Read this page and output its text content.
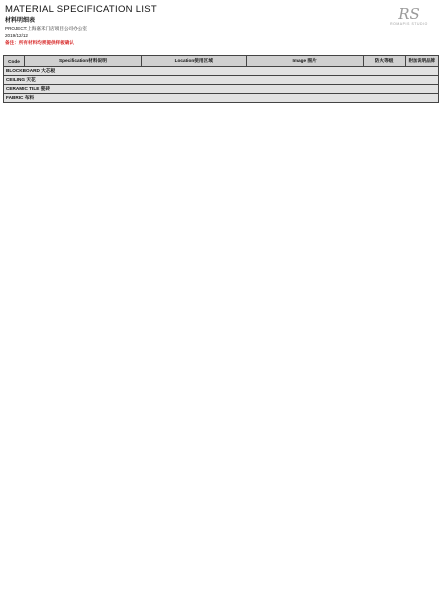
MATERIAL SPECIFICATION LIST
材料明细表
PROJECT:上海嘉禾门店项目公司办公室
2019/12/12
备注：所有材料均须提供样板确认
RS
ROMAPIS STUDIO
Code	Specification材料说明	Location使用区域	Image 图片	防火等级	附加说明品牌
BLOCKBOARD 大芯板
CEILING 天花
CERAMIC TILE 瓷砖
FABRIC 布料
